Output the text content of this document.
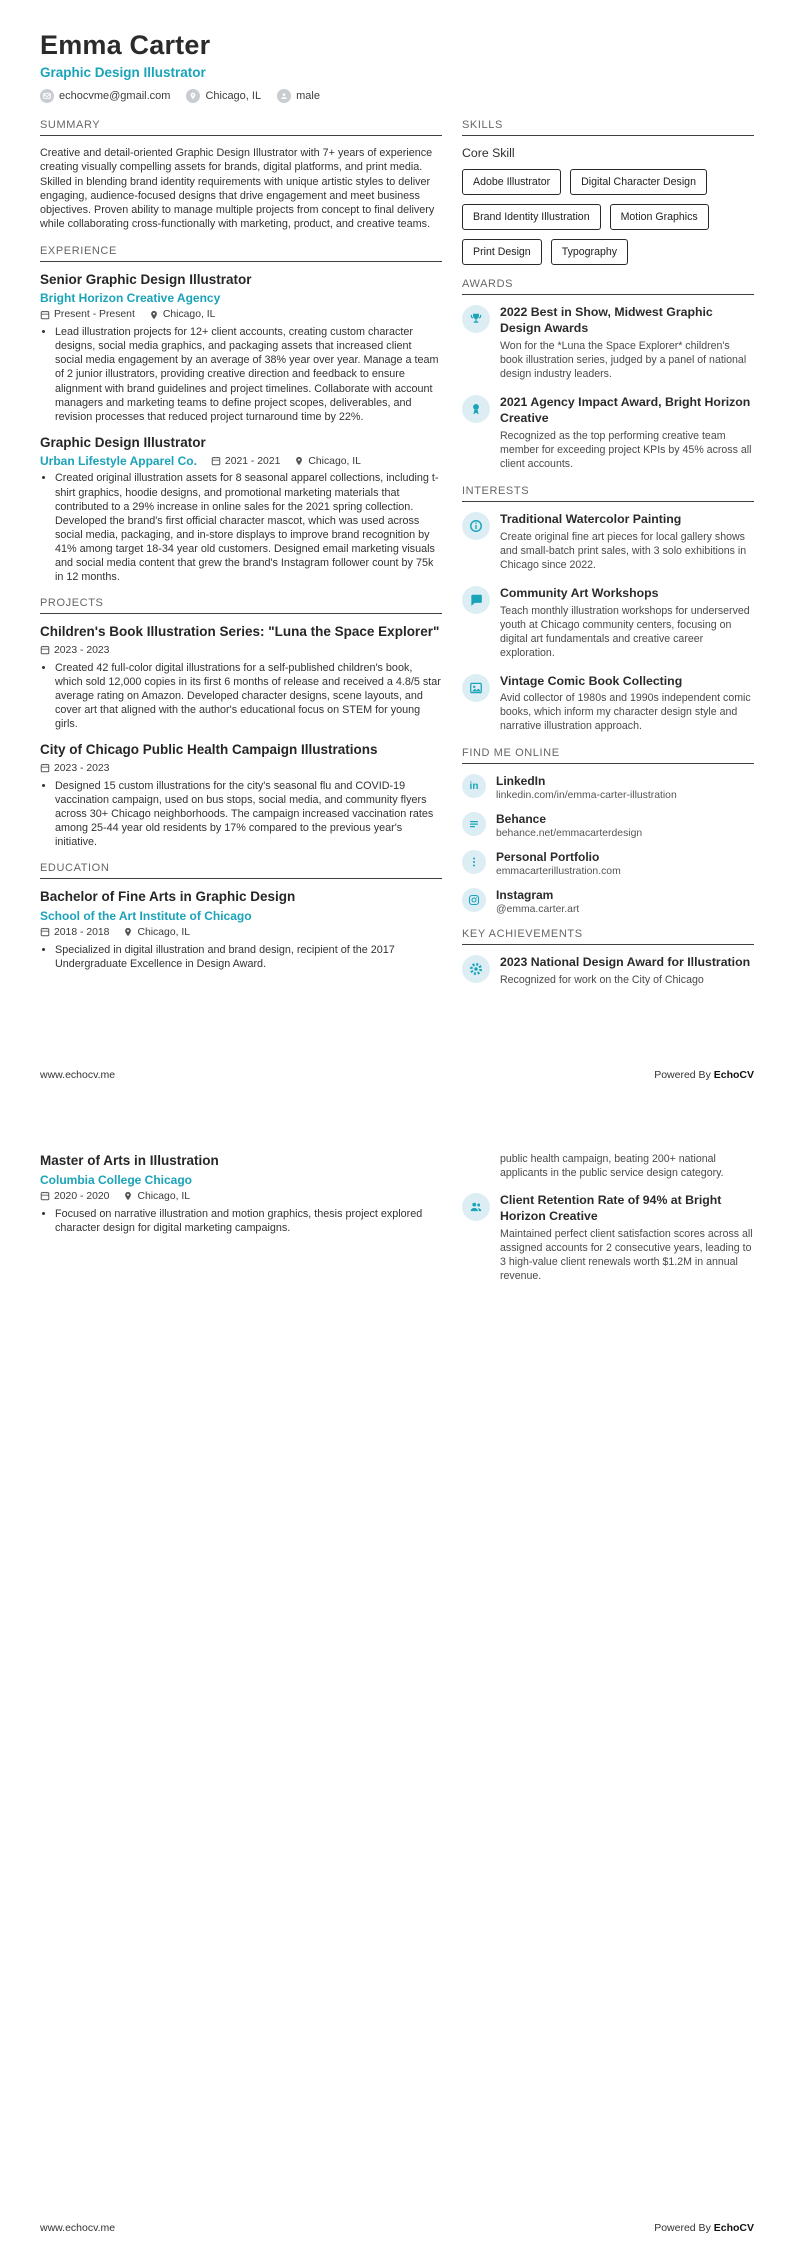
Emma Carter
Graphic Design Illustrator
echocvme@gmail.com	Chicago, IL	male
SUMMARY
Creative and detail-oriented Graphic Design Illustrator with 7+ years of experience creating visually compelling assets for brands, digital platforms, and print media. Skilled in blending brand identity requirements with unique artistic styles to deliver engaging, audience-focused designs that drive engagement and meet business objectives. Proven ability to manage multiple projects from concept to final delivery while collaborating cross-functionally with marketing, product, and creative teams.
EXPERIENCE
Senior Graphic Design Illustrator
Bright Horizon Creative Agency
Present - Present	Chicago, IL
• Lead illustration projects for 12+ client accounts, creating custom character designs, social media graphics, and packaging assets that increased client social media engagement by an average of 38% year over year. Manage a team of 2 junior illustrators, providing creative direction and feedback to ensure alignment with brand guidelines and project timelines. Collaborate with account managers and marketing teams to define project scopes, deliverables, and revision processes that reduced project turnaround time by 22%.
Graphic Design Illustrator
Urban Lifestyle Apparel Co.	2021 - 2021	Chicago, IL
• Created original illustration assets for 8 seasonal apparel collections, including t-shirt graphics, hoodie designs, and promotional marketing materials that contributed to a 29% increase in online sales for the 2021 spring collection. Developed the brand's first official character mascot, which was used across social media, packaging, and in-store displays to improve brand recognition by 41% among target 18-34 year old customers. Designed email marketing visuals and social media content that grew the brand's Instagram follower count by 75k in 12 months.
PROJECTS
Children's Book Illustration Series: "Luna the Space Explorer"
2023 - 2023
• Created 42 full-color digital illustrations for a self-published children's book, which sold 12,000 copies in its first 6 months of release and received a 4.8/5 star average rating on Amazon. Developed character designs, scene layouts, and cover art that aligned with the author's educational focus on STEM for young girls.
City of Chicago Public Health Campaign Illustrations
2023 - 2023
• Designed 15 custom illustrations for the city's seasonal flu and COVID-19 vaccination campaign, used on bus stops, social media, and community flyers across 30+ Chicago neighborhoods. The campaign increased vaccination rates among 25-44 year old residents by 17% compared to the previous year's initiative.
EDUCATION
Bachelor of Fine Arts in Graphic Design
School of the Art Institute of Chicago
2018 - 2018	Chicago, IL
• Specialized in digital illustration and brand design, recipient of the 2017 Undergraduate Excellence in Design Award.
SKILLS
Core Skill
Adobe Illustrator	Digital Character Design
Brand Identity Illustration	Motion Graphics
Print Design	Typography
AWARDS
2022 Best in Show, Midwest Graphic Design Awards
Won for the *Luna the Space Explorer* children's book illustration series, judged by a panel of national design industry leaders.
2021 Agency Impact Award, Bright Horizon Creative
Recognized as the top performing creative team member for exceeding project KPIs by 45% across all client accounts.
INTERESTS
Traditional Watercolor Painting
Create original fine art pieces for local gallery shows and small-batch print sales, with 3 solo exhibitions in Chicago since 2022.
Community Art Workshops
Teach monthly illustration workshops for underserved youth at Chicago community centers, focusing on digital art fundamentals and creative career exploration.
Vintage Comic Book Collecting
Avid collector of 1980s and 1990s independent comic books, which inform my character design style and narrative illustration approach.
FIND ME ONLINE
in	LinkedIn
linkedin.com/in/emma-carter-illustration
Behance
behance.net/emmacarterdesign
Personal Portfolio
emmacarterillustration.com
Instagram
@emma.carter.art
KEY ACHIEVEMENTS
2023 National Design Award for Illustration
Recognized for work on the City of Chicago
www.echocv.me	Powered By EchoCV
Master of Arts in Illustration
Columbia College Chicago
2020 - 2020	Chicago, IL
• Focused on narrative illustration and motion graphics, thesis project explored character design for digital marketing campaigns.
public health campaign, beating 200+ national applicants in the public service design category.
Client Retention Rate of 94% at Bright Horizon Creative
Maintained perfect client satisfaction scores across all assigned accounts for 2 consecutive years, leading to 3 high-value client renewals worth $1.2M in annual revenue.
www.echocv.me	Powered By EchoCV
